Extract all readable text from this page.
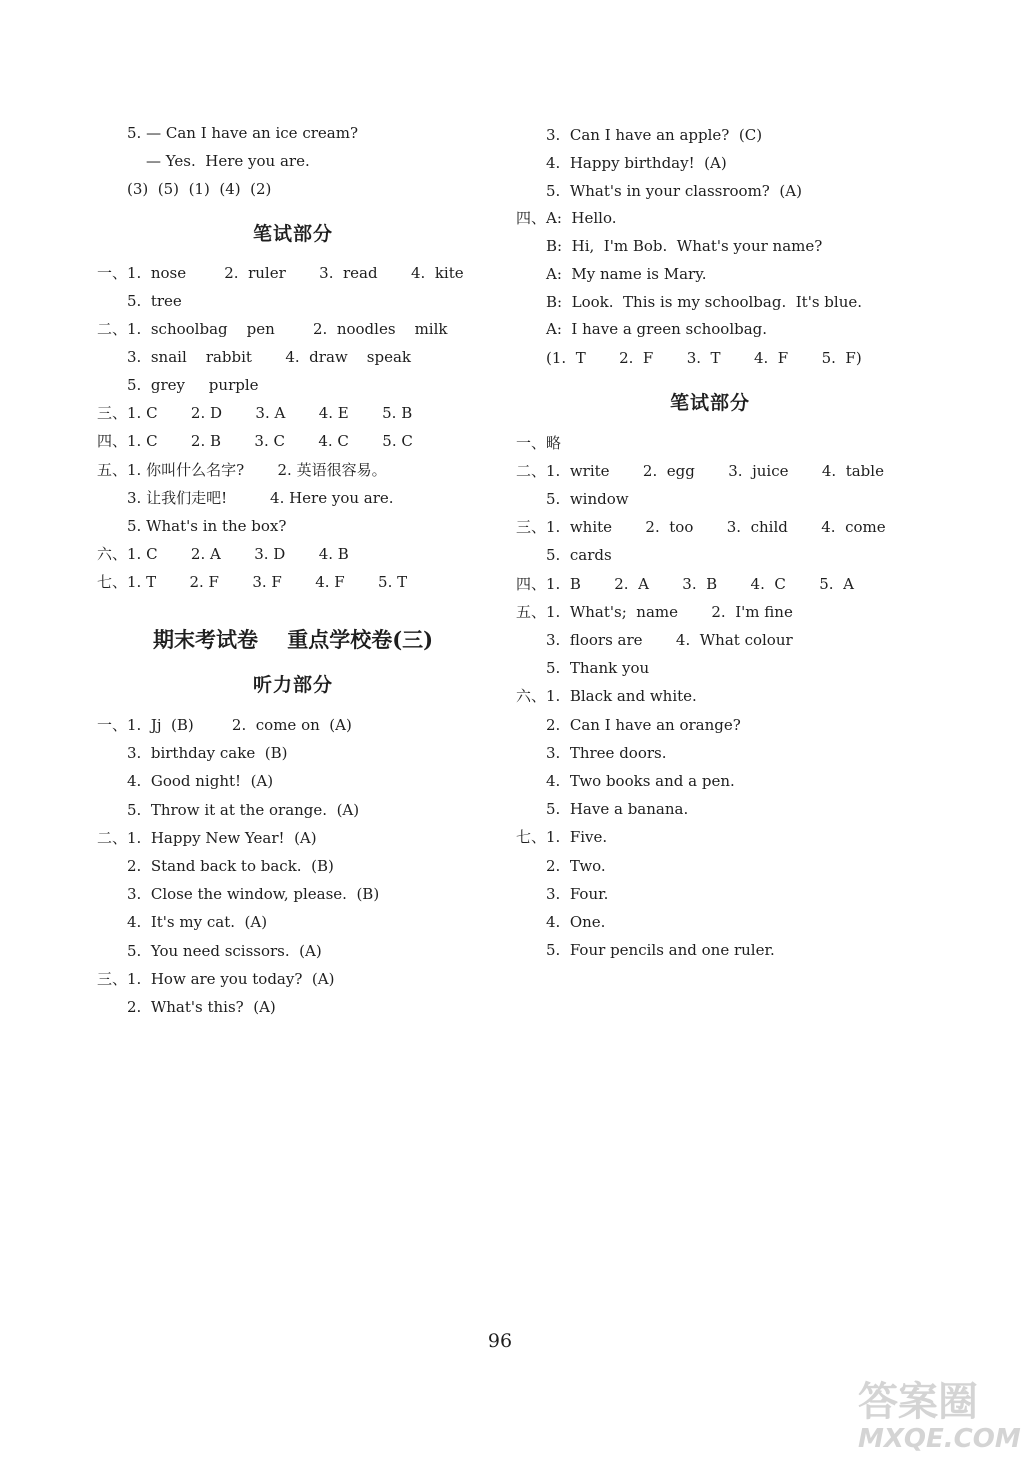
5. — Can I have an ice cream?
— Yes.  Here you are.
(3)  (5)  (1)  (4)  (2)
笔试部分
一、1.  nose        2.  ruler       3.  read       4.  kite
5.  tree
二、1.  schoolbag    pen        2.  noodles    milk
3.  snail    rabbit       4.  draw    speak
5.  grey     purple
三、1. C       2. D       3. A       4. E       5. B
四、1. C       2. B       3. C       4. C       5. C
五、1. 你叫什么名字?       2. 英语很容易。
3. 让我们走吧!         4. Here you are.
5. What's in the box?
六、1. C       2. A       3. D       4. B
七、1. T       2. F       3. F       4. F       5. T
期末考试卷    重点学校卷(三)
听力部分
一、1.  Jj  (B)        2.  come on  (A)
3.  birthday cake  (B)
4.  Good night!  (A)
5.  Throw it at the orange.  (A)
二、1.  Happy New Year!  (A)
2.  Stand back to back.  (B)
3.  Close the window, please.  (B)
4.  It's my cat.  (A)
5.  You need scissors.  (A)
三、1.  How are you today?  (A)
2.  What's this?  (A)
3.  Can I have an apple?  (C)
4.  Happy birthday!  (A)
5.  What's in your classroom?  (A)
四、A:  Hello.
B:  Hi,  I'm Bob.  What's your name?
A:  My name is Mary.
B:  Look.  This is my schoolbag.  It's blue.
A:  I have a green schoolbag.
(1.  T       2.  F       3.  T       4.  F       5.  F)
笔试部分
一、略
二、1.  write       2.  egg       3.  juice       4.  table
5.  window
三、1.  white       2.  too       3.  child       4.  come
5.  cards
四、1.  B       2.  A       3.  B       4.  C       5.  A
五、1.  What's;  name       2.  I'm fine
3.  floors are       4.  What colour
5.  Thank you
六、1.  Black and white.
2.  Can I have an orange?
3.  Three doors.
4.  Two books and a pen.
5.  Have a banana.
七、1.  Five.
2.  Two.
3.  Four.
4.  One.
5.  Four pencils and one ruler.
96
答案圈
MXQE.COM
